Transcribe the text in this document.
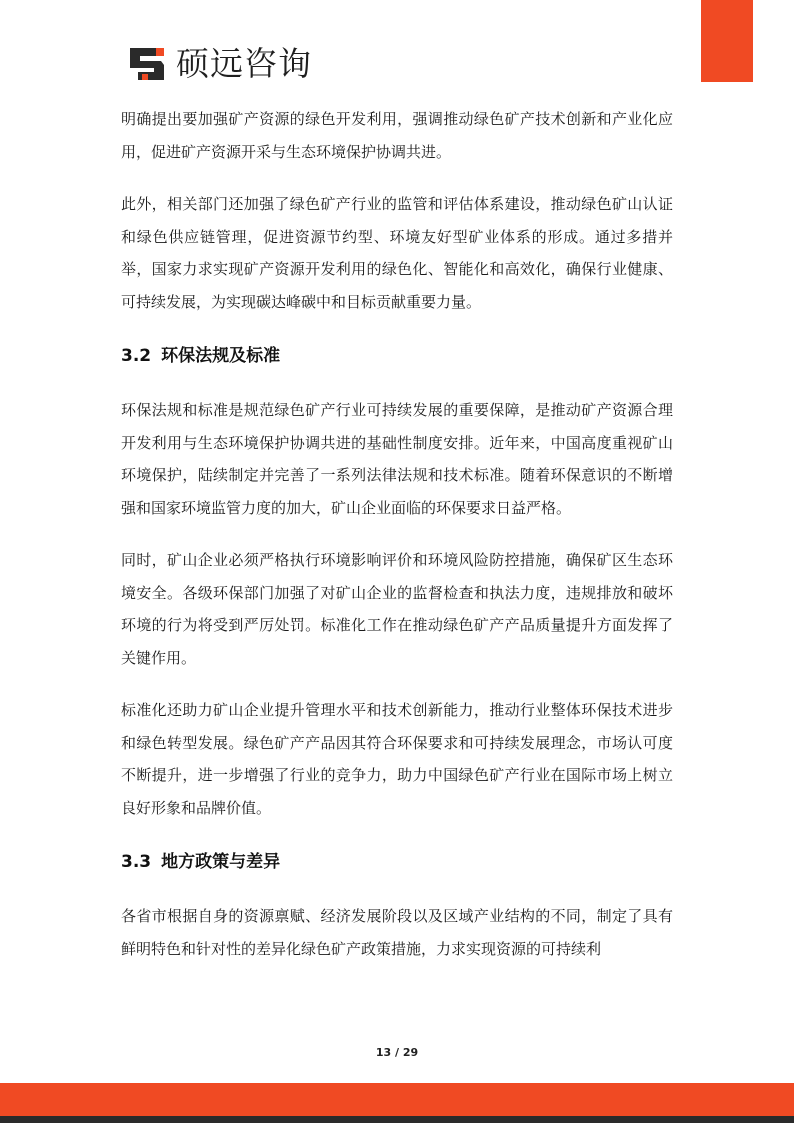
硕远咨询

明确提出要加强矿产资源的绿色开发利用，强调推动绿色矿产技术创新和产业化应用，促进矿产资源开采与生态环境保护协调共进。

此外，相关部门还加强了绿色矿产行业的监管和评估体系建设，推动绿色矿山认证和绿色供应链管理，促进资源节约型、环境友好型矿业体系的形成。通过多措并举，国家力求实现矿产资源开发利用的绿色化、智能化和高效化，确保行业健康、可持续发展，为实现碳达峰碳中和目标贡献重要力量。

3.2 环保法规及标准

环保法规和标准是规范绿色矿产行业可持续发展的重要保障，是推动矿产资源合理开发利用与生态环境保护协调共进的基础性制度安排。近年来，中国高度重视矿山环境保护，陆续制定并完善了一系列法律法规和技术标准。随着环保意识的不断增强和国家环境监管力度的加大，矿山企业面临的环保要求日益严格。

同时，矿山企业必须严格执行环境影响评价和环境风险防控措施，确保矿区生态环境安全。各级环保部门加强了对矿山企业的监督检查和执法力度，违规排放和破坏环境的行为将受到严厉处罚。标准化工作在推动绿色矿产产品质量提升方面发挥了关键作用。

标准化还助力矿山企业提升管理水平和技术创新能力，推动行业整体环保技术进步和绿色转型发展。绿色矿产产品因其符合环保要求和可持续发展理念，市场认可度不断提升，进一步增强了行业的竞争力，助力中国绿色矿产行业在国际市场上树立良好形象和品牌价值。

3.3 地方政策与差异

各省市根据自身的资源禀赋、经济发展阶段以及区域产业结构的不同，制定了具有鲜明特色和针对性的差异化绿色矿产政策措施，力求实现资源的可持续利

13 / 29
